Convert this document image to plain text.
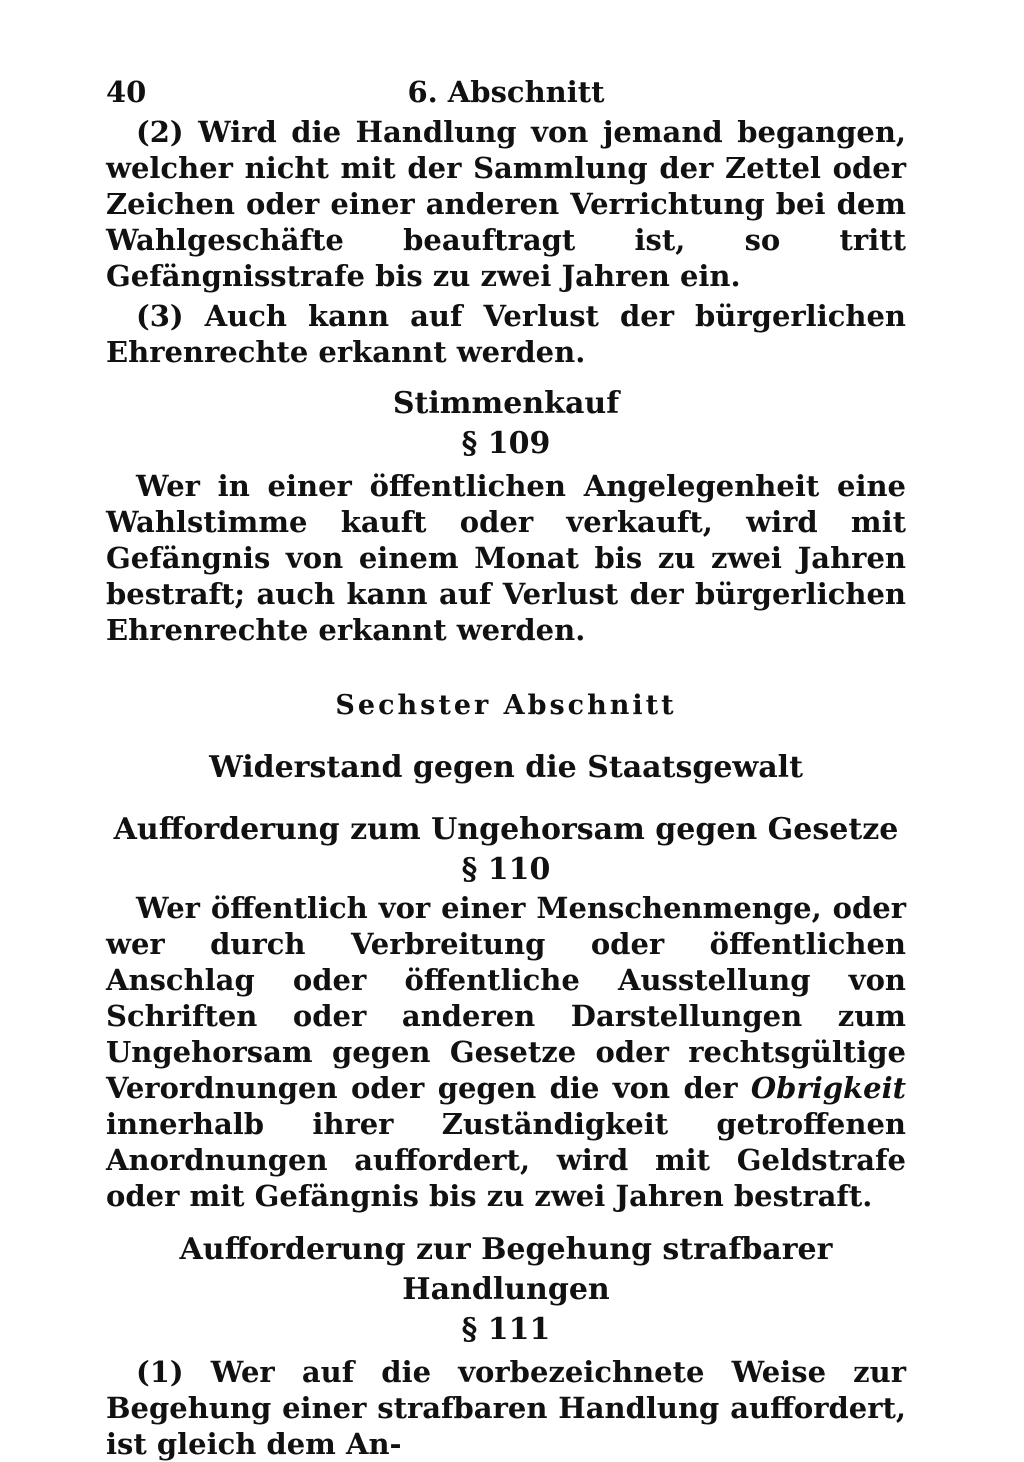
40	6. Abschnitt

(2) Wird die Handlung von jemand begangen, welcher nicht mit der Sammlung der Zettel oder Zeichen oder einer anderen Verrichtung bei dem Wahlgeschäfte beauftragt ist, so tritt Gefängnisstrafe bis zu zwei Jahren ein.

(3) Auch kann auf Verlust der bürgerlichen Ehrenrechte erkannt werden.

Stimmenkauf
§ 109

Wer in einer öffentlichen Angelegenheit eine Wahlstimme kauft oder verkauft, wird mit Gefängnis von einem Monat bis zu zwei Jahren bestraft; auch kann auf Verlust der bürgerlichen Ehrenrechte erkannt werden.

Sechster Abschnitt
Widerstand gegen die Staatsgewalt
Aufforderung zum Ungehorsam gegen Gesetze
§ 110

Wer öffentlich vor einer Menschenmenge, oder wer durch Verbreitung oder öffentlichen Anschlag oder öffentliche Ausstellung von Schriften oder anderen Darstellungen zum Ungehorsam gegen Gesetze oder rechtsgültige Verordnungen oder gegen die von der Obrigkeit innerhalb ihrer Zuständigkeit getroffenen Anordnungen auffordert, wird mit Geldstrafe oder mit Gefängnis bis zu zwei Jahren bestraft.

Aufforderung zur Begehung strafbarer Handlungen
§ 111

(1) Wer auf die vorbezeichnete Weise zur Begehung einer strafbaren Handlung auffordert, ist gleich dem An-
